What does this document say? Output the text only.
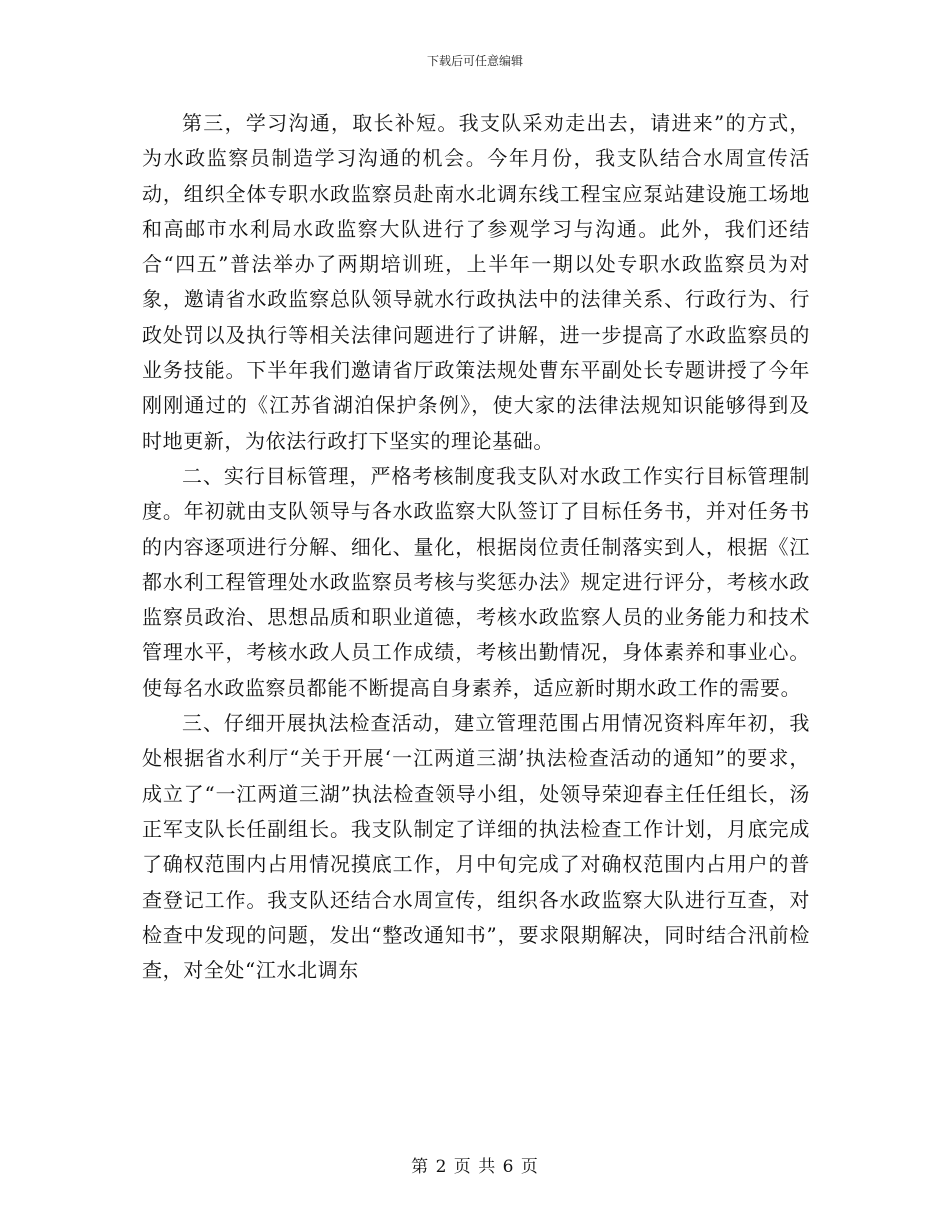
下载后可任意编辑

第三，学习沟通，取长补短。我支队采劝走出去，请进来”的方式，为水政监察员制造学习沟通的机会。今年月份，我支队结合水周宣传活动，组织全体专职水政监察员赴南水北调东线工程宝应泵站建设施工场地和高邮市水利局水政监察大队进行了参观学习与沟通。此外，我们还结合“四五”普法举办了两期培训班，上半年一期以处专职水政监察员为对象，邀请省水政监察总队领导就水行政执法中的法律关系、行政行为、行政处罚以及执行等相关法律问题进行了讲解，进一步提高了水政监察员的业务技能。下半年我们邀请省厅政策法规处曹东平副处长专题讲授了今年刚刚通过的《江苏省湖泊保护条例》，使大家的法律法规知识能够得到及时地更新，为依法行政打下坚实的理论基础。

二、实行目标管理，严格考核制度我支队对水政工作实行目标管理制度。年初就由支队领导与各水政监察大队签订了目标任务书，并对任务书的内容逐项进行分解、细化、量化，根据岗位责任制落实到人，根据《江都水利工程管理处水政监察员考核与奖惩办法》规定进行评分，考核水政监察员政治、思想品质和职业道德，考核水政监察人员的业务能力和技术管理水平，考核水政人员工作成绩，考核出勤情况，身体素养和事业心。使每名水政监察员都能不断提高自身素养，适应新时期水政工作的需要。

三、仔细开展执法检查活动，建立管理范围占用情况资料库年初，我处根据省水利厅“关于开展‘一江两道三湖’执法检查活动的通知”的要求，成立了“一江两道三湖”执法检查领导小组，处领导荣迎春主任任组长，汤正军支队长任副组长。我支队制定了详细的执法检查工作计划，月底完成了确权范围内占用情况摸底工作，月中旬完成了对确权范围内占用户的普查登记工作。我支队还结合水周宣传，组织各水政监察大队进行互查，对检查中发现的问题，发出“整改通知书”，要求限期解决，同时结合汛前检查，对全处“江水北调东

第 2 页 共 6 页
